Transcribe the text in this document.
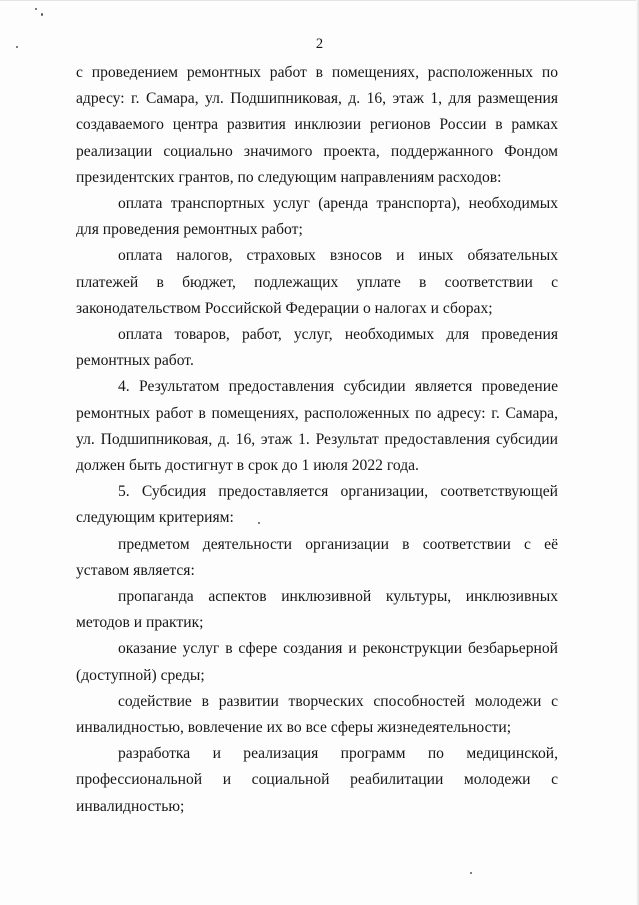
2

с проведением ремонтных работ в помещениях, расположенных по адресу: г. Самара, ул. Подшипниковая, д. 16, этаж 1, для размещения создаваемого центра развития инклюзии регионов России в рамках реализации социально значимого проекта, поддержанного Фондом президентских грантов, по следующим направлениям расходов:

оплата транспортных услуг (аренда транспорта), необходимых для проведения ремонтных работ;

оплата налогов, страховых взносов и иных обязательных платежей в бюджет, подлежащих уплате в соответствии с законодательством Российской Федерации о налогах и сборах;

оплата товаров, работ, услуг, необходимых для проведения ремонтных работ.

4. Результатом предоставления субсидии является проведение ремонтных работ в помещениях, расположенных по адресу: г. Самара, ул. Подшипниковая, д. 16, этаж 1. Результат предоставления субсидии должен быть достигнут в срок до 1 июля 2022 года.

5. Субсидия предоставляется организации, соответствующей следующим критериям:

предметом деятельности организации в соответствии с её уставом является:

пропаганда аспектов инклюзивной культуры, инклюзивных методов и практик;

оказание услуг в сфере создания и реконструкции безбарьерной (доступной) среды;

содействие в развитии творческих способностей молодежи с инвалидностью, вовлечение их во все сферы жизнедеятельности;

разработка и реализация программ по медицинской, профессиональной и социальной реабилитации молодежи с инвалидностью;
